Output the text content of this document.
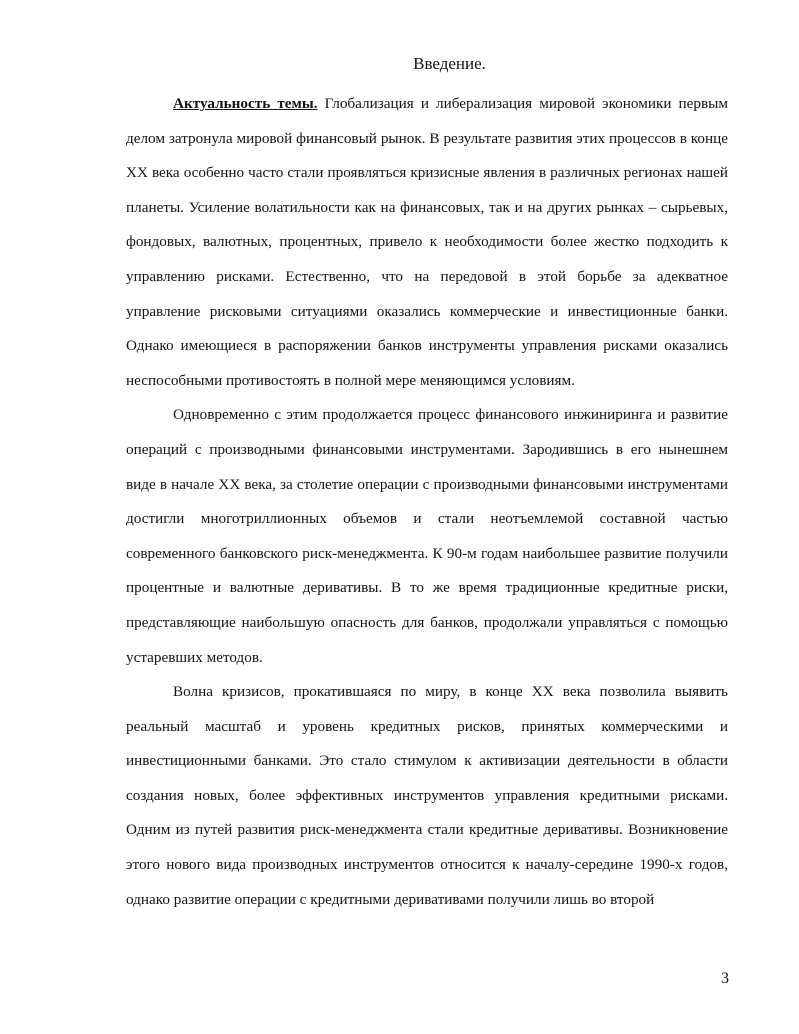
Введение.

Актуальность темы. Глобализация и либерализация мировой экономики первым делом затронула мировой финансовый рынок. В результате развития этих процессов в конце XX века особенно часто стали проявляться кризисные явления в различных регионах нашей планеты. Усиление волатильности как на финансовых, так и на других рынках – сырьевых, фондовых, валютных, процентных, привело к необходимости более жестко подходить к управлению рисками. Естественно, что на передовой в этой борьбе за адекватное управление рисковыми ситуациями оказались коммерческие и инвестиционные банки. Однако имеющиеся в распоряжении банков инструменты управления рисками оказались неспособными противостоять в полной мере меняющимся условиям.

Одновременно с этим продолжается процесс финансового инжиниринга и развитие операций с производными финансовыми инструментами. Зародившись в его нынешнем виде в начале XX века, за столетие операции с производными финансовыми инструментами достигли многотриллионных объемов и стали неотъемлемой составной частью современного банковского риск-менеджмента. К 90-м годам наибольшее развитие получили процентные и валютные деривативы. В то же время традиционные кредитные риски, представляющие наибольшую опасность для банков, продолжали управляться с помощью устаревших методов.

Волна кризисов, прокатившаяся по миру, в конце XX века позволила выявить реальный масштаб и уровень кредитных рисков, принятых коммерческими и инвестиционными банками. Это стало стимулом к активизации деятельности в области создания новых, более эффективных инструментов управления кредитными рисками. Одним из путей развития риск-менеджмента стали кредитные деривативы. Возникновение этого нового вида производных инструментов относится к началу-середине 1990-х годов, однако развитие операции с кредитными деривативами получили лишь во второй

3
